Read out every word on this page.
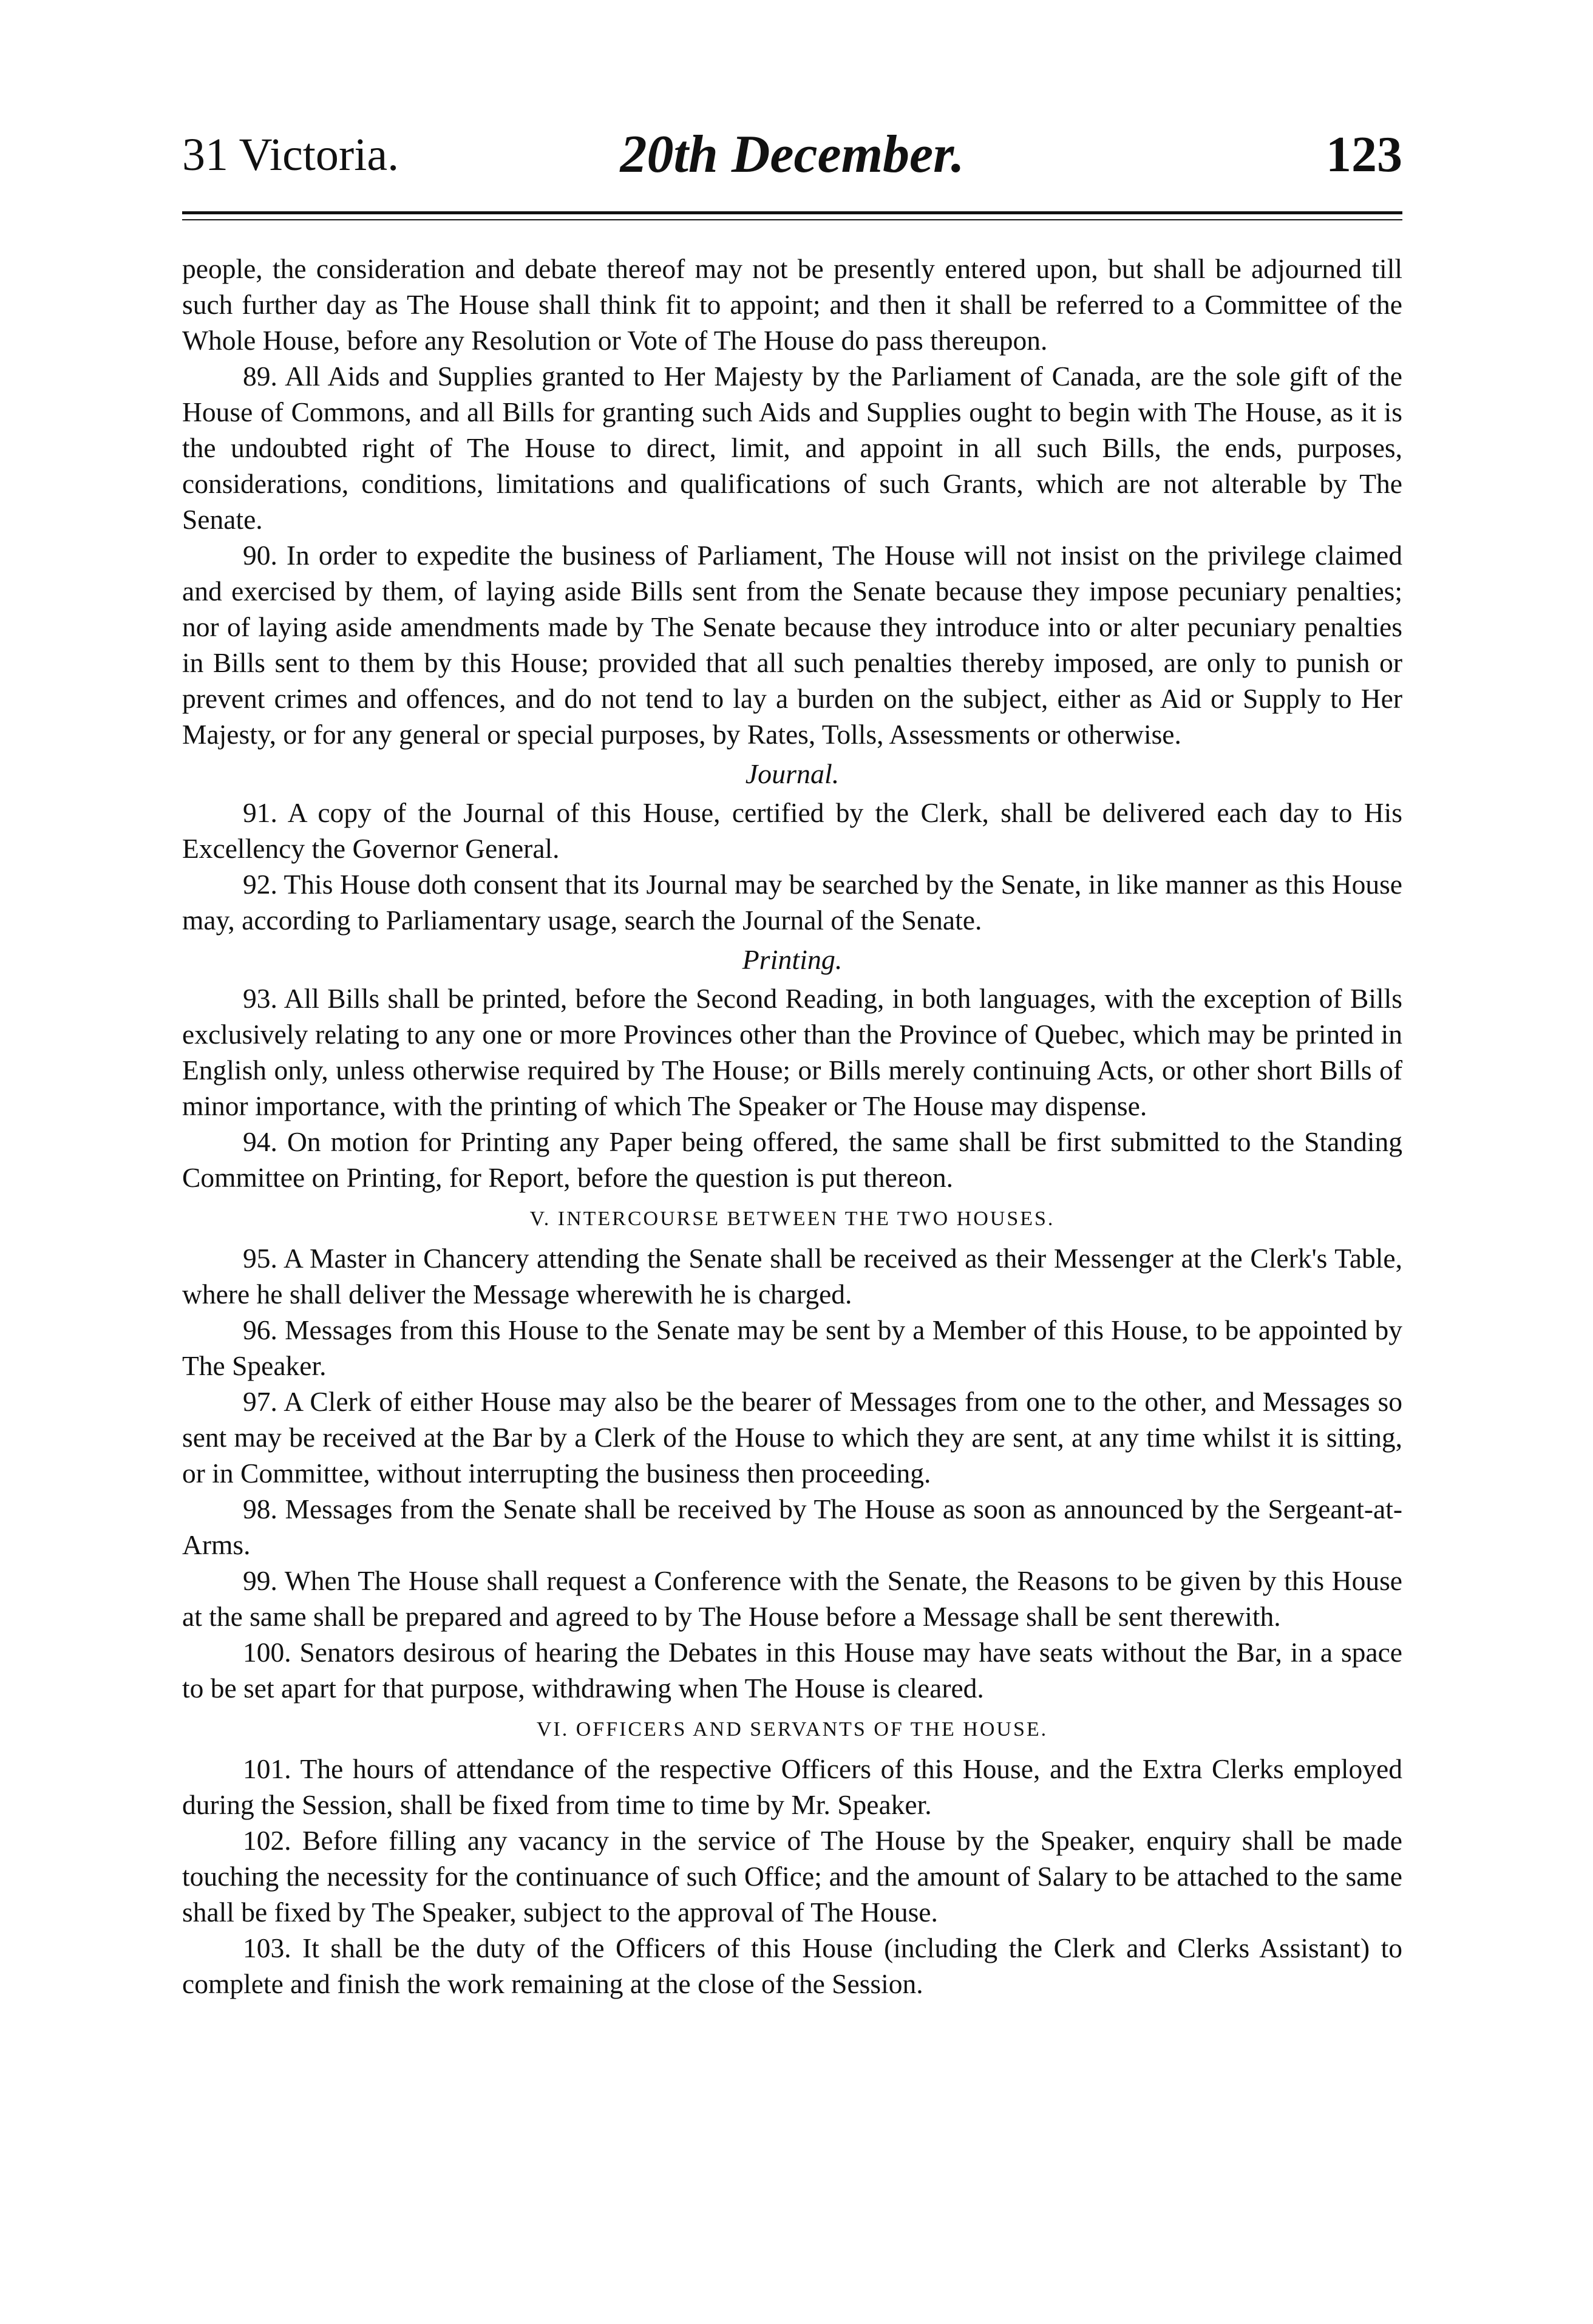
31 Victoria.	20th December.	123

people, the consideration and debate thereof may not be presently entered upon, but shall be adjourned till such further day as The House shall think fit to appoint; and then it shall be referred to a Committee of the Whole House, before any Resolution or Vote of The House do pass thereupon.

89. All Aids and Supplies granted to Her Majesty by the Parliament of Canada, are the sole gift of the House of Commons, and all Bills for granting such Aids and Supplies ought to begin with The House, as it is the undoubted right of The House to direct, limit, and appoint in all such Bills, the ends, purposes, considerations, conditions, limitations and qualifications of such Grants, which are not alterable by The Senate.

90. In order to expedite the business of Parliament, The House will not insist on the privilege claimed and exercised by them, of laying aside Bills sent from the Senate because they impose pecuniary penalties; nor of laying aside amendments made by The Senate because they introduce into or alter pecuniary penalties in Bills sent to them by this House; provided that all such penalties thereby imposed, are only to punish or prevent crimes and offences, and do not tend to lay a burden on the subject, either as Aid or Supply to Her Majesty, or for any general or special purposes, by Rates, Tolls, Assessments or otherwise.

Journal.

91. A copy of the Journal of this House, certified by the Clerk, shall be delivered each day to His Excellency the Governor General.

92. This House doth consent that its Journal may be searched by the Senate, in like manner as this House may, according to Parliamentary usage, search the Journal of the Senate.

Printing.

93. All Bills shall be printed, before the Second Reading, in both languages, with the exception of Bills exclusively relating to any one or more Provinces other than the Province of Quebec, which may be printed in English only, unless otherwise required by The House; or Bills merely continuing Acts, or other short Bills of minor importance, with the printing of which The Speaker or The House may dispense.

94. On motion for Printing any Paper being offered, the same shall be first submitted to the Standing Committee on Printing, for Report, before the question is put thereon.

V. INTERCOURSE BETWEEN THE TWO HOUSES.

95. A Master in Chancery attending the Senate shall be received as their Messenger at the Clerk's Table, where he shall deliver the Message wherewith he is charged.

96. Messages from this House to the Senate may be sent by a Member of this House, to be appointed by The Speaker.

97. A Clerk of either House may also be the bearer of Messages from one to the other, and Messages so sent may be received at the Bar by a Clerk of the House to which they are sent, at any time whilst it is sitting, or in Committee, without interrupting the business then proceeding.

98. Messages from the Senate shall be received by The House as soon as announced by the Sergeant-at-Arms.

99. When The House shall request a Conference with the Senate, the Reasons to be given by this House at the same shall be prepared and agreed to by The House before a Message shall be sent therewith.

100. Senators desirous of hearing the Debates in this House may have seats without the Bar, in a space to be set apart for that purpose, withdrawing when The House is cleared.

VI. OFFICERS AND SERVANTS OF THE HOUSE.

101. The hours of attendance of the respective Officers of this House, and the Extra Clerks employed during the Session, shall be fixed from time to time by Mr. Speaker.

102. Before filling any vacancy in the service of The House by the Speaker, enquiry shall be made touching the necessity for the continuance of such Office; and the amount of Salary to be attached to the same shall be fixed by The Speaker, subject to the approval of The House.

103. It shall be the duty of the Officers of this House (including the Clerk and Clerks Assistant) to complete and finish the work remaining at the close of the Session.
